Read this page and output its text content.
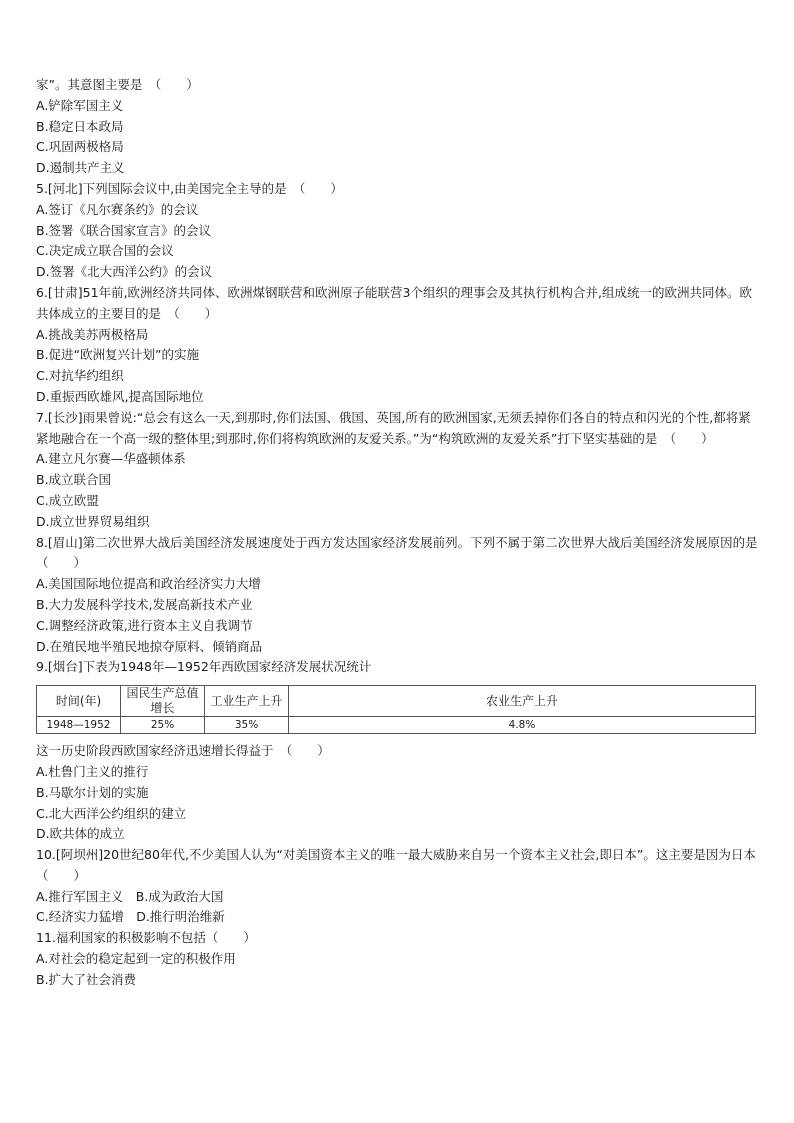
家”。其意图主要是　（　　）
A.铲除军国主义
B.稳定日本政局
C.巩固两极格局
D.遏制共产主义
5.[河北]下列国际会议中,由美国完全主导的是　（　　）
A.签订《凡尔赛条约》的会议
B.签署《联合国家宣言》的会议
C.决定成立联合国的会议
D.签署《北大西洋公约》的会议
6.[甘肃]51年前,欧洲经济共同体、欧洲煤钢联营和欧洲原子能联营3个组织的理事会及其执行机构合并,组成统一的欧洲共同体。欧共体成立的主要目的是　（　　）
A.挑战美苏两极格局
B.促进“欧洲复兴计划”的实施
C.对抗华约组织
D.重振西欧雄风,提高国际地位
7.[长沙]雨果曾说:“总会有这么一天,到那时,你们法国、俄国、英国,所有的欧洲国家,无须丢掉你们各自的特点和闪光的个性,都将紧紧地融合在一个高一级的整体里;到那时,你们将构筑欧洲的友爱关系。”为“构筑欧洲的友爱关系”打下坚实基础的是　（　　）
A.建立凡尔赛—华盛顿体系
B.成立联合国
C.成立欧盟
D.成立世界贸易组织
8.[眉山]第二次世界大战后美国经济发展速度处于西方发达国家经济发展前列。下列不属于第二次世界大战后美国经济发展原因的是　（　　）
A.美国国际地位提高和政治经济实力大增
B.大力发展科学技术,发展高新技术产业
C.调整经济政策,进行资本主义自我调节
D.在殖民地半殖民地掠夺原料、倾销商品
9.[烟台]下表为1948年—1952年西欧国家经济发展状况统计
时间(年)	国民生产总值增长	工业生产上升	农业生产上升
1948—1952	25%	35%	4.8%
这一历史阶段西欧国家经济迅速增长得益于　（　　）
A.杜鲁门主义的推行
B.马歇尔计划的实施
C.北大西洋公约组织的建立
D.欧共体的成立
10.[阿坝州]20世纪80年代,不少美国人认为“对美国资本主义的唯一最大威胁来自另一个资本主义社会,即日本”。这主要是因为日本（　　）
A.推行军国主义　B.成为政治大国
C.经济实力猛增　D.推行明治维新
11.福利国家的积极影响不包括（　　）
A.对社会的稳定起到一定的积极作用
B.扩大了社会消费
